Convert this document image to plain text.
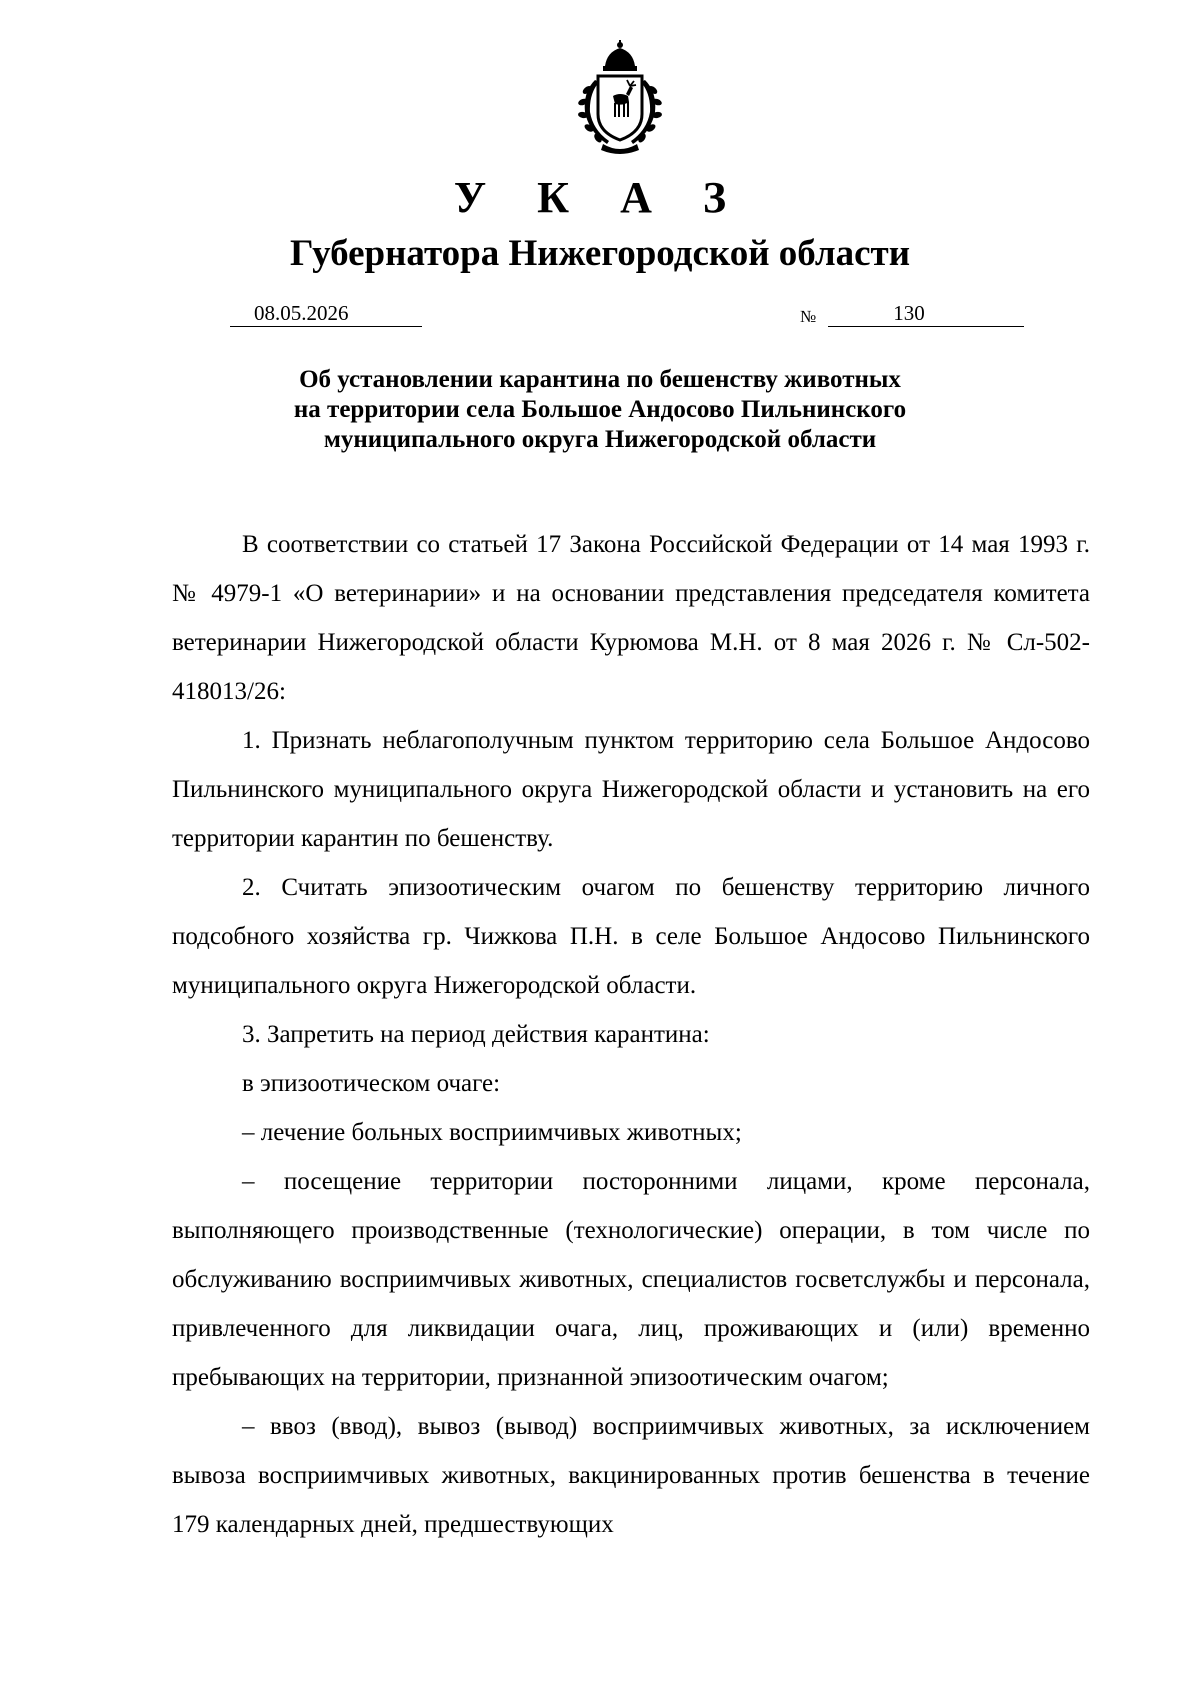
У К А З
Губернатора Нижегородской области
08.05.2026	№	130
Об установлении карантина по бешенству животных
на территории села Большое Андосово Пильнинского
муниципального округа Нижегородской области

В соответствии со статьей 17 Закона Российской Федерации от 14 мая 1993 г. № 4979-1 «О ветеринарии» и на основании представления председателя комитета ветеринарии Нижегородской области Курюмова М.Н. от 8 мая 2026 г. № Сл-502-418013/26:

1. Признать неблагополучным пунктом территорию села Большое Андосово Пильнинского муниципального округа Нижегородской области и установить на его территории карантин по бешенству.

2. Считать эпизоотическим очагом по бешенству территорию личного подсобного хозяйства гр. Чижкова П.Н. в селе Большое Андосово Пильнинского муниципального округа Нижегородской области.

3. Запретить на период действия карантина:

в эпизоотическом очаге:

– лечение больных восприимчивых животных;

– посещение территории посторонними лицами, кроме персонала, выполняющего производственные (технологические) операции, в том числе по обслуживанию восприимчивых животных, специалистов госветслужбы и персонала, привлеченного для ликвидации очага, лиц, проживающих и (или) временно пребывающих на территории, признанной эпизоотическим очагом;

– ввоз (ввод), вывоз (вывод) восприимчивых животных, за исключением вывоза восприимчивых животных, вакцинированных против бешенства в течение 179 календарных дней, предшествующих
